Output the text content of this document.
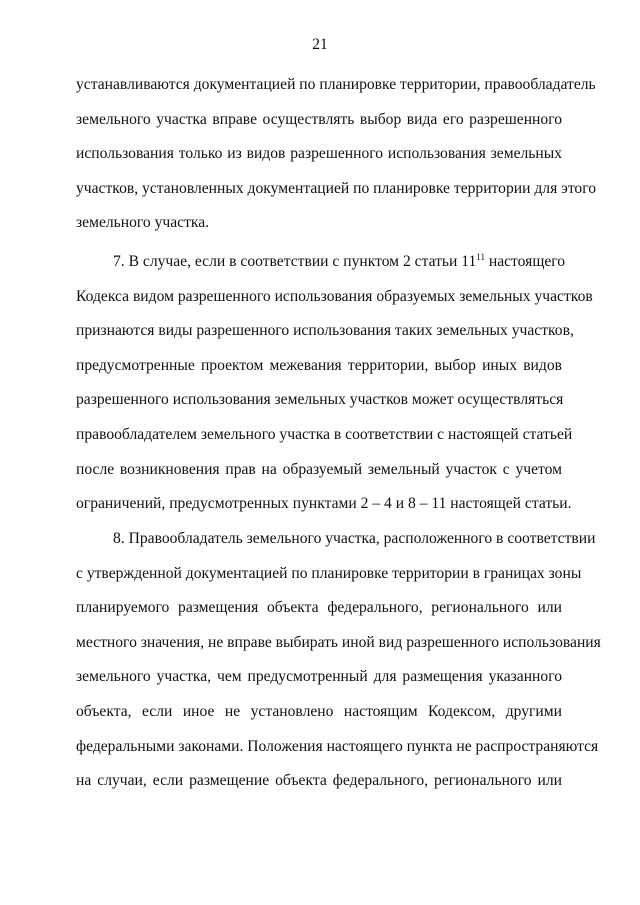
21
устанавливаются документацией по планировке территории, правообладатель
земельного участка вправе осуществлять выбор вида его разрешенного
использования только из видов разрешенного использования земельных
участков, установленных документацией по планировке территории для этого
земельного участка.
7. В случае, если в соответствии с пунктом 2 статьи $11^{11}$ настоящего
Кодекса видом разрешенного использования образуемых земельных участков
признаются виды разрешенного использования таких земельных участков,
предусмотренные проектом межевания территории, выбор иных видов
разрешенного использования земельных участков может осуществляться
правообладателем земельного участка в соответствии с настоящей статьей
после возникновения прав на образуемый земельный участок с учетом
ограничений, предусмотренных пунктами 2 – 4 и 8 – 11 настоящей статьи.
8. Правообладатель земельного участка, расположенного в соответствии
с утвержденной документацией по планировке территории в границах зоны
планируемого размещения объекта федерального, регионального или
местного значения, не вправе выбирать иной вид разрешенного использования
земельного участка, чем предусмотренный для размещения указанного
объекта, если иное не установлено настоящим Кодексом, другими
федеральными законами. Положения настоящего пункта не распространяются
на случаи, если размещение объекта федерального, регионального или
